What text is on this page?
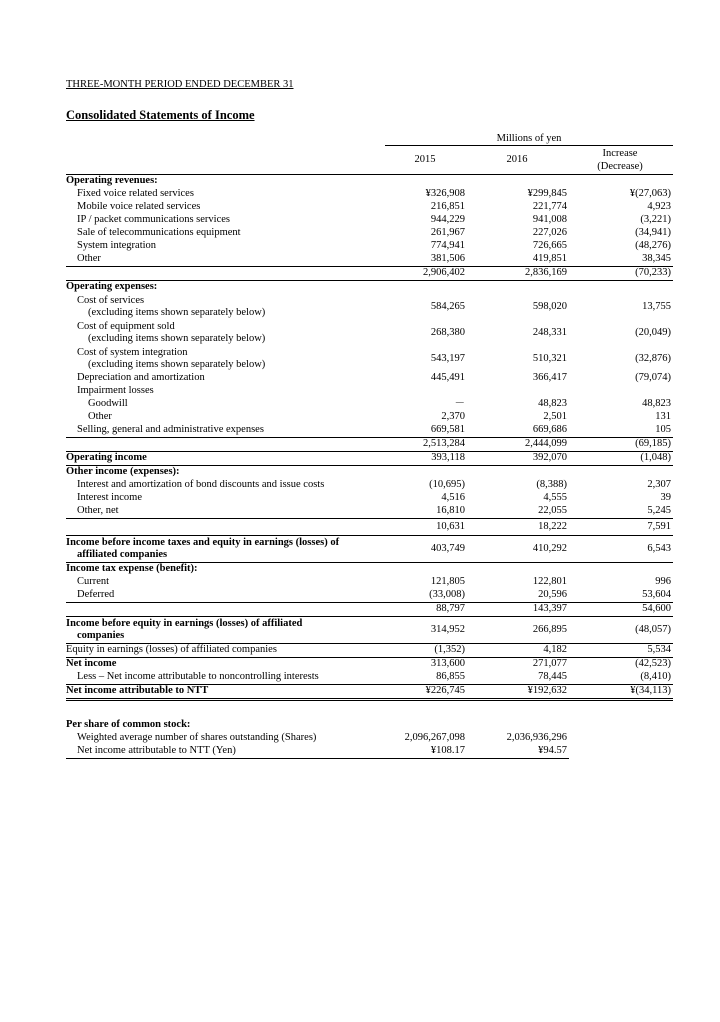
THREE-MONTH PERIOD ENDED DECEMBER 31
Consolidated Statements of Income
	Millions of yen		
	2015	2016	Increase
(Decrease)

Operating revenues:			
Fixed voice related services	¥326,908	¥299,845	¥(27,063)
Mobile voice related services	216,851	221,774	4,923
IP / packet communications services	944,229	941,008	(3,221)
Sale of telecommunications equipment	261,967	227,026	(34,941)
System integration	774,941	726,665	(48,276)
Other	381,506	419,851	38,345
	2,906,402	2,836,169	(70,233)
Operating expenses:			

Cost of services
(excluding items shown separately below)	584,265	598,020	13,755

Cost of equipment sold
(excluding items shown separately below)	268,380	248,331	(20,049)

Cost of system integration
(excluding items shown separately below)	543,197	510,321	(32,876)
Depreciation and amortization	445,491	366,417	(79,074)
Impairment losses			
Goodwill	－	48,823	48,823
Other	2,370	2,501	131
Selling, general and administrative expenses	669,581	669,686	105
	2,513,284	2,444,099	(69,185)
Operating income	393,118	392,070	(1,048)
Other income (expenses):			
Interest and amortization of bond discounts and issue costs	(10,695)	(8,388)	2,307
Interest income	4,516	4,555	39
Other, net	16,810	22,055	5,245
	10,631	18,222	7,591

Income before income taxes and equity in earnings (losses) of
affiliated companies	403,749	410,292	6,543
Income tax expense (benefit):			
Current	121,805	122,801	996
Deferred	(33,008)	20,596	53,604
	88,797	143,397	54,600

Income before equity in earnings (losses) of affiliated
companies	314,952	266,895	(48,057)
Equity in earnings (losses) of affiliated companies	(1,352)	4,182	5,534
Net income	313,600	271,077	(42,523)
Less – Net income attributable to noncontrolling interests	86,855	78,445	(8,410)
Net income attributable to NTT	¥226,745	¥192,632	¥(34,113)

Per share of common stock:			
Weighted average number of shares outstanding (Shares)	2,096,267,098	2,036,936,296	
Net income attributable to NTT (Yen)	¥108.17	¥94.57	
